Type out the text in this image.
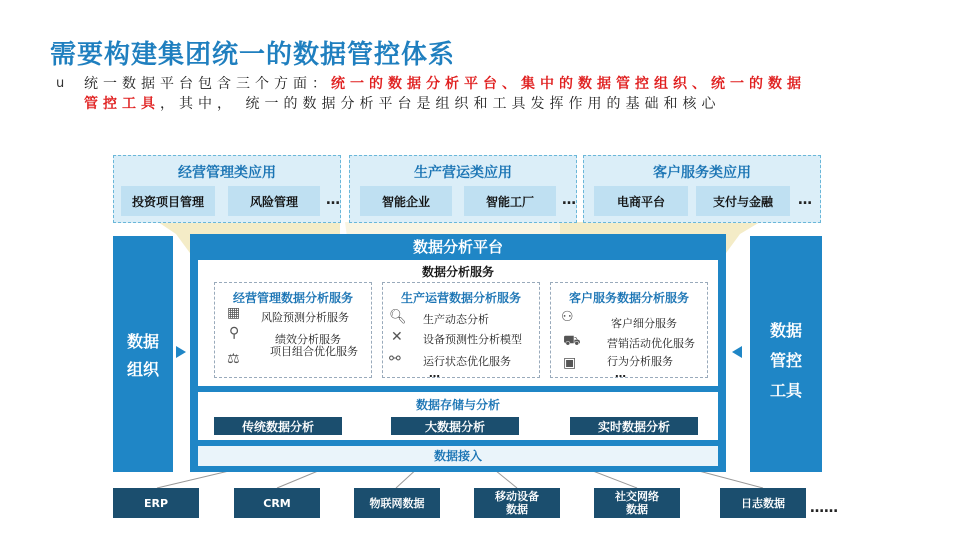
需要构建集团统一的数据管控体系
u 统一数据平台包含三个方面：统一的数据分析平台、集中的数据管控组织、统一的数据管控工具，其中， 统一的数据分析平台是组织和工具发挥作用的基础和核心
经营管理类应用
投资项目管理	风险管理	…
生产营运类应用
智能企业	智能工厂	…
客户服务类应用
电商平台	支付与金融	…
数据
组织
数据
管控
工具
数据分析平台
数据分析服务
经营管理数据分析服务
▦
⚲
⚖
风险预测分析服务
绩效分析服务
项目组合优化服务
生产运营数据分析服务
🔍︎
✕
⚯
生产动态分析
设备预测性分析模型
运行状态优化服务
…
客户服务数据分析服务
⚇
⛟
▣
客户细分服务
营销活动优化服务
行为分析服务
…
数据存储与分析
传统数据分析	大数据分析	实时数据分析
数据接入
ERP	CRM	物联网数据	移动设备数据
社交网络数据	日志数据	……
